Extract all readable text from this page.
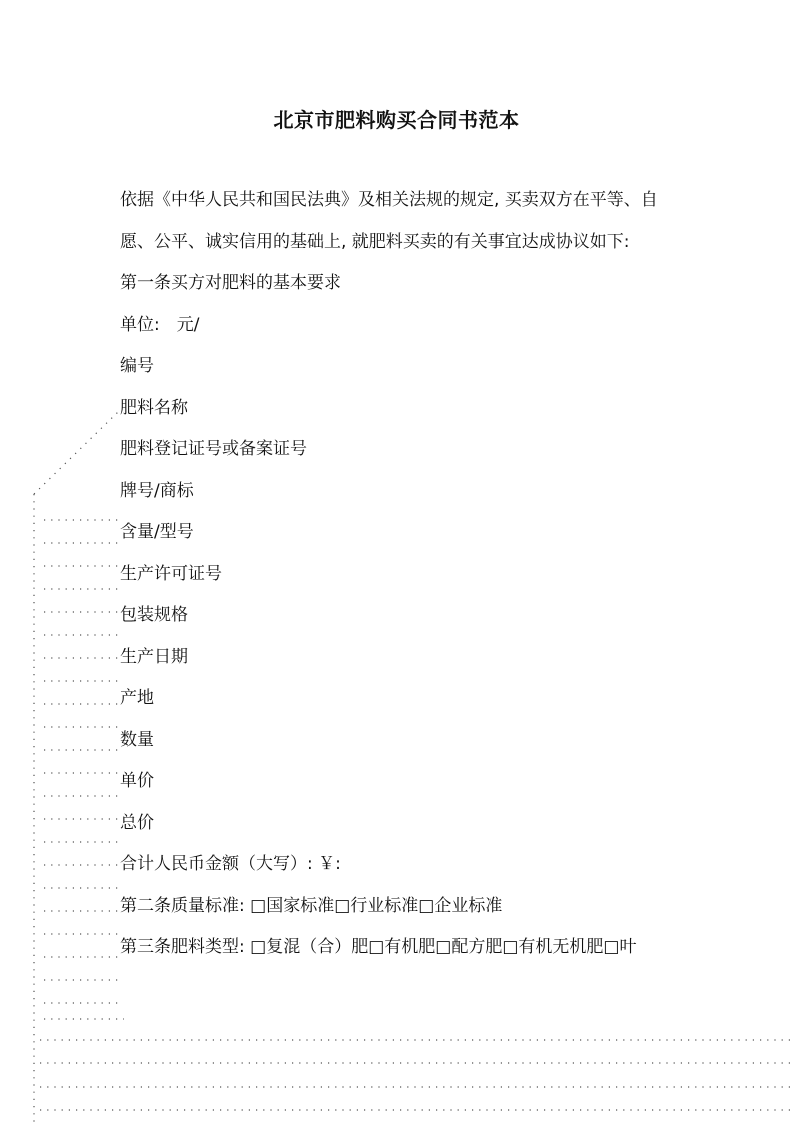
北京市肥料购买合同书范本
依据《中华人民共和国民法典》及相关法规的规定, 买卖双方在平等、自愿、公平、诚实信用的基础上, 就肥料买卖的有关事宜达成协议如下:
第一条买方对肥料的基本要求
单位:　元/
编号
肥料名称
肥料登记证号或备案证号
牌号/商标
含量/型号
生产许可证号
包装规格
生产日期
产地
数量
单价
总价
合计人民币金额（大写）: ￥:
第二条质量标准: □国家标准□行业标准□企业标准
第三条肥料类型: □复混（合）肥□有机肥□配方肥□有机无机肥□叶
